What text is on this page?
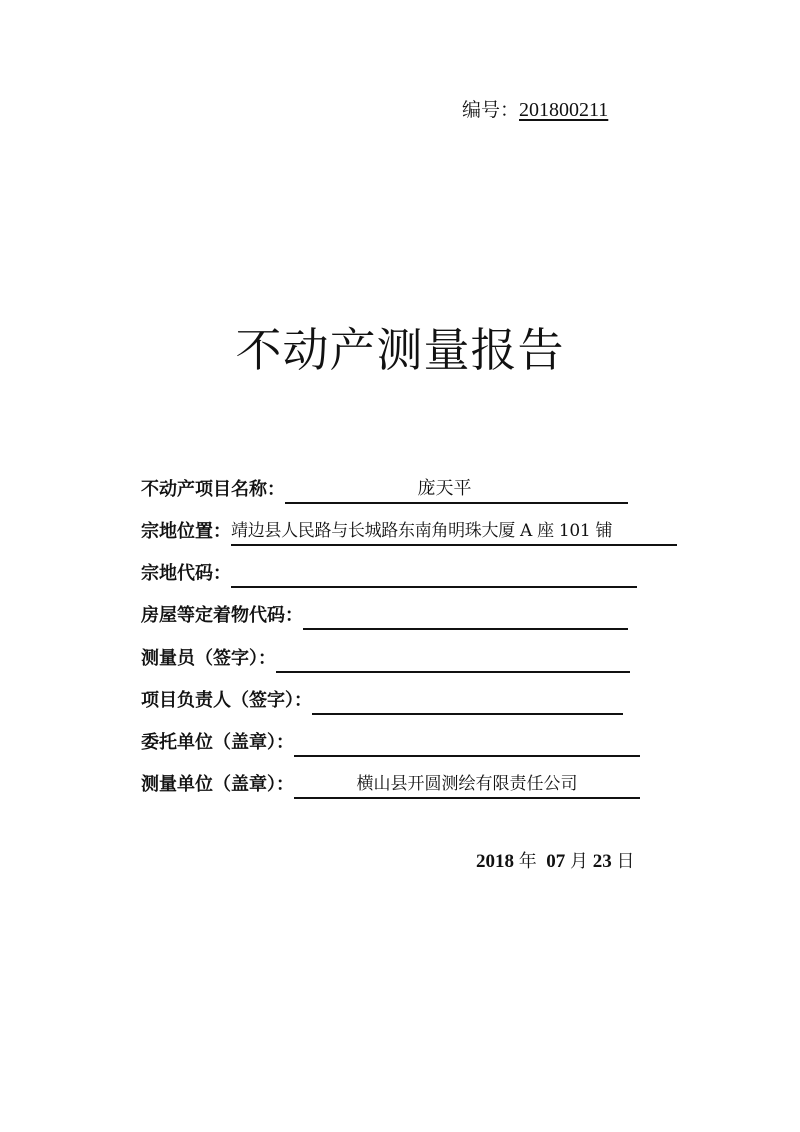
编号：201800211
不动产测量报告
不动产项目名称：	庞天平
宗地位置： 靖边县人民路与长城路东南角明珠大厦 A 座 101 铺
宗地代码：
房屋等定着物代码：
测量员（签字）：
项目负责人（签字）：
委托单位（盖章）：
测量单位（盖章）：	横山县开圆测绘有限责任公司
2018 年 07 月 23 日
